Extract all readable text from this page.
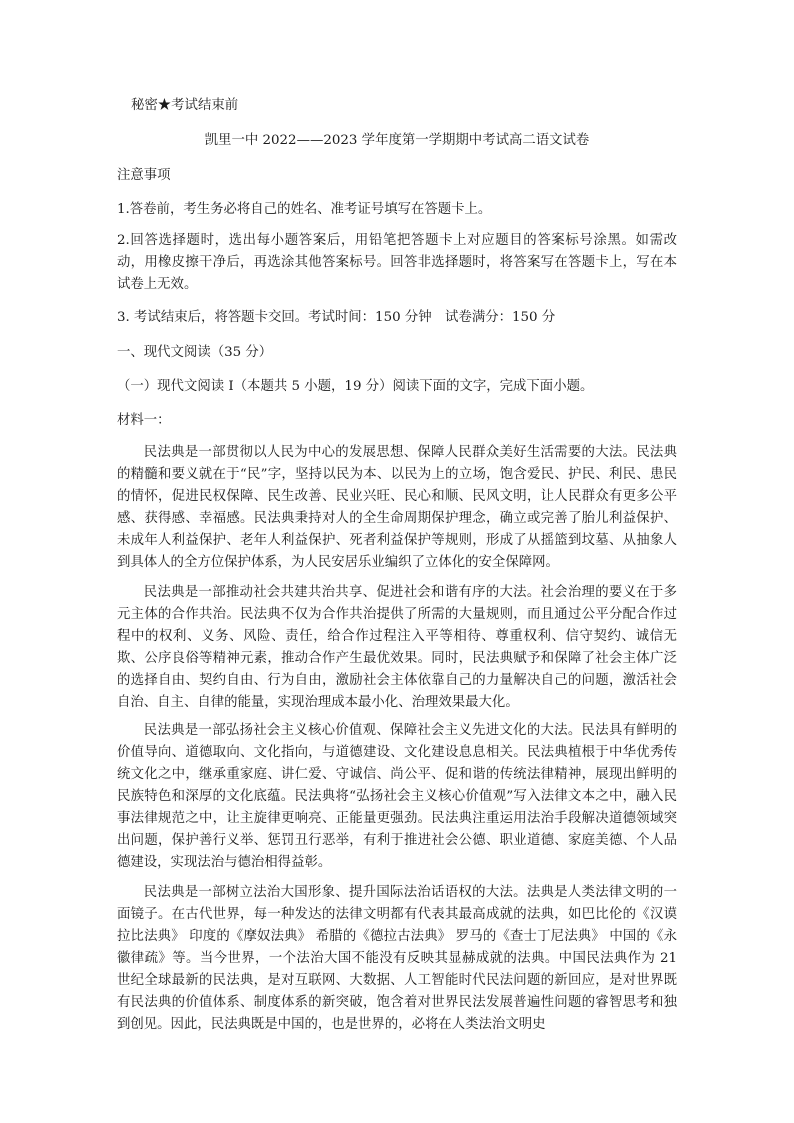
秘密★考试结束前
凯里一中 2022——2023 学年度第一学期期中考试高二语文试卷
注意事项
1.答卷前，考生务必将自己的姓名、准考证号填写在答题卡上。
2.回答选择题时，选出每小题答案后，用铅笔把答题卡上对应题目的答案标号涂黑。如需改动，用橡皮擦干净后，再选涂其他答案标号。回答非选择题时，将答案写在答题卡上，写在本试卷上无效。
3. 考试结束后，将答题卡交回。考试时间：150 分钟　试卷满分：150 分
一、现代文阅读（35 分）
（一）现代文阅读 I（本题共 5 小题，19 分）阅读下面的文字，完成下面小题。
材料一：
民法典是一部贯彻以人民为中心的发展思想、保障人民群众美好生活需要的大法。民法典的精髓和要义就在于“民”字，坚持以民为本、以民为上的立场，饱含爱民、护民、利民、患民的情怀，促进民权保障、民生改善、民业兴旺、民心和顺、民风文明，让人民群众有更多公平感、获得感、幸福感。民法典秉持对人的全生命周期保护理念，确立或完善了胎儿利益保护、未成年人利益保护、老年人利益保护、死者利益保护等规则，形成了从摇篮到坟墓、从抽象人到具体人的全方位保护体系，为人民安居乐业编织了立体化的安全保障网。
民法典是一部推动社会共建共治共享、促进社会和谐有序的大法。社会治理的要义在于多元主体的合作共治。民法典不仅为合作共治提供了所需的大量规则，而且通过公平分配合作过程中的权利、义务、风险、责任，给合作过程注入平等相待、尊重权利、信守契约、诚信无欺、公序良俗等精神元素，推动合作产生最优效果。同时，民法典赋予和保障了社会主体广泛的选择自由、契约自由、行为自由，激励社会主体依靠自己的力量解决自己的问题，激活社会自治、自主、自律的能量，实现治理成本最小化、治理效果最大化。
民法典是一部弘扬社会主义核心价值观、保障社会主义先进文化的大法。民法具有鲜明的价值导向、道德取向、文化指向，与道德建设、文化建设息息相关。民法典植根于中华优秀传统文化之中，继承重家庭、讲仁爱、守诚信、尚公平、促和谐的传统法律精神，展现出鲜明的民族特色和深厚的文化底蕴。民法典将“弘扬社会主义核心价值观”写入法律文本之中，融入民事法律规范之中，让主旋律更响亮、正能量更强劲。民法典注重运用法治手段解决道德领域突出问题，保护善行义举、惩罚丑行恶举，有利于推进社会公德、职业道德、家庭美德、个人品德建设，实现法治与德治相得益彰。
民法典是一部树立法治大国形象、提升国际法治话语权的大法。法典是人类法律文明的一面镜子。在古代世界，每一种发达的法律文明都有代表其最高成就的法典，如巴比伦的《汉谟拉比法典》 印度的《摩奴法典》 希腊的《德拉古法典》 罗马的《查士丁尼法典》 中国的《永徽律疏》等。当今世界，一个法治大国不能没有反映其显赫成就的法典。中国民法典作为 21 世纪全球最新的民法典，是对互联网、大数据、人工智能时代民法问题的新回应，是对世界既有民法典的价值体系、制度体系的新突破，饱含着对世界民法发展普遍性问题的睿智思考和独到创见。因此，民法典既是中国的，也是世界的，必将在人类法治文明史
